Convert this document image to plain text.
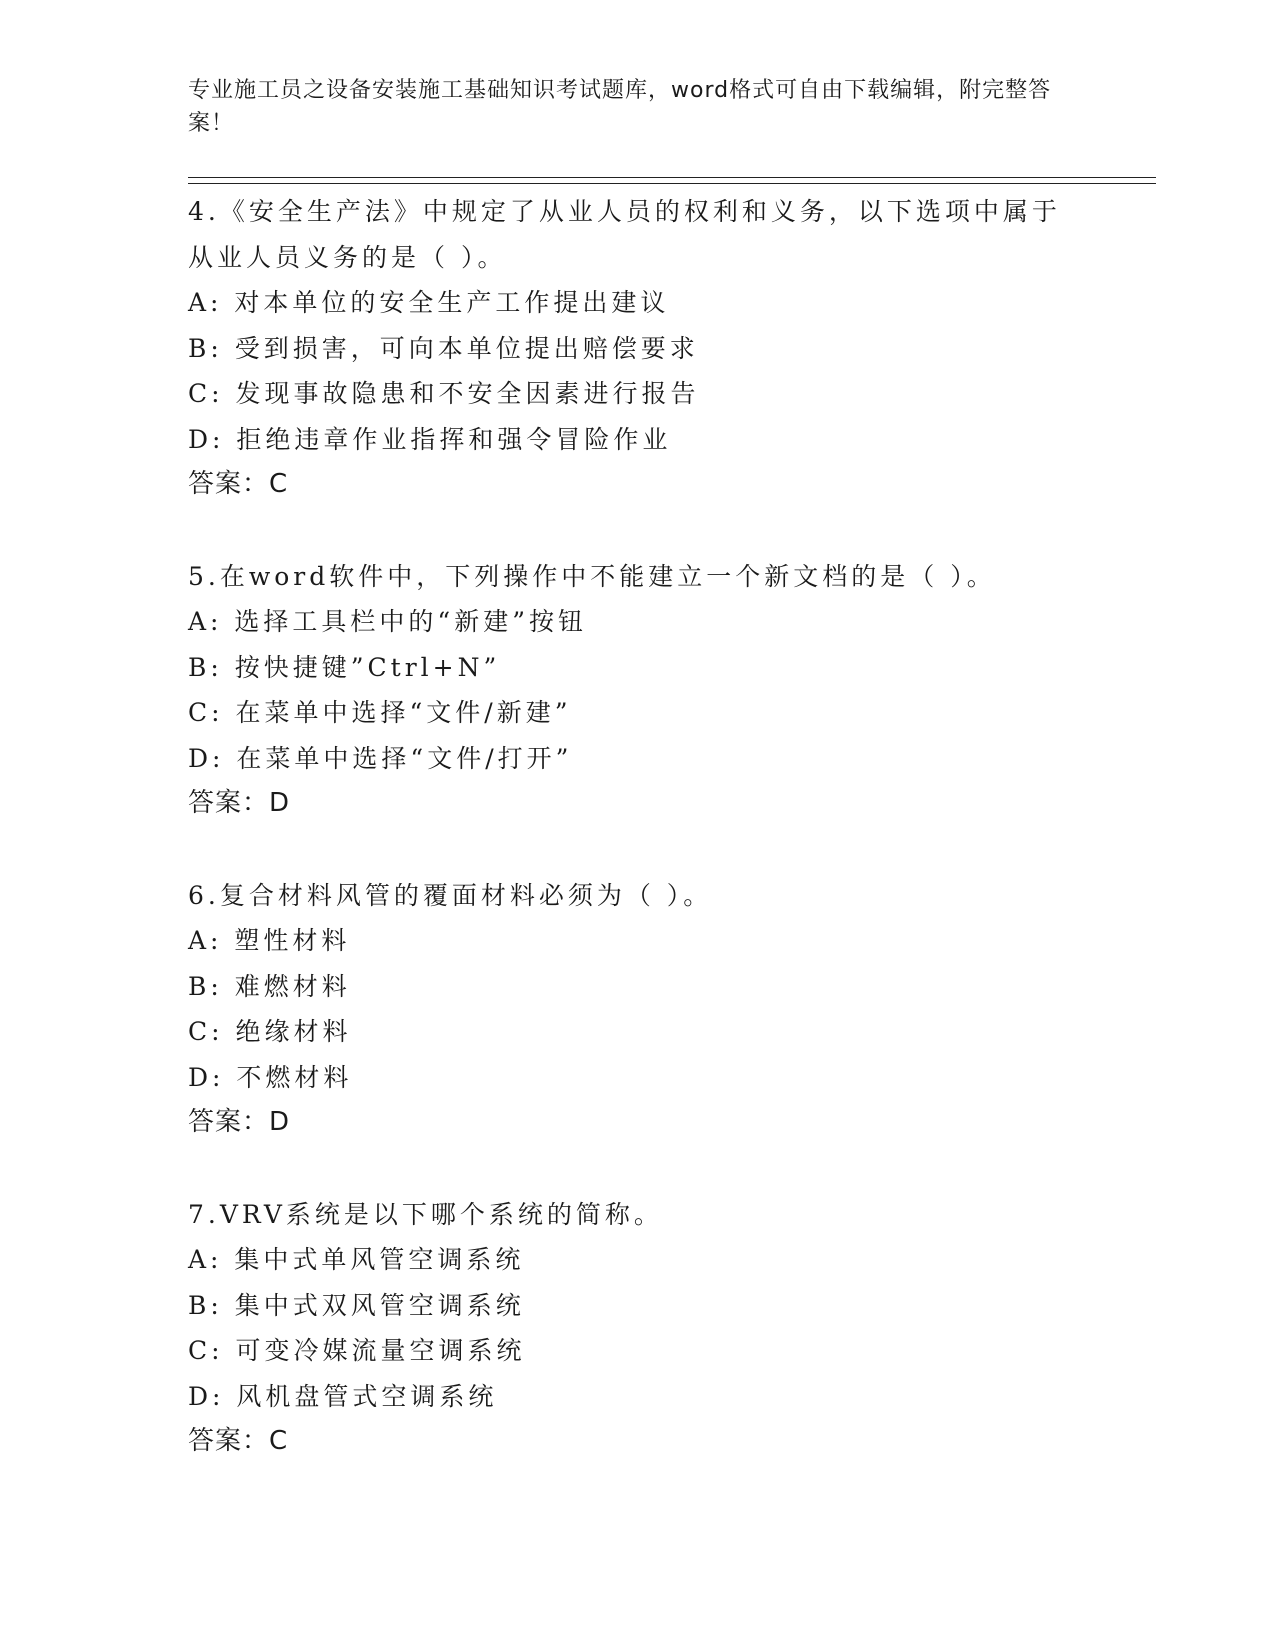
专业施工员之设备安装施工基础知识考试题库，word格式可自由下载编辑，附完整答案！
4.《安全生产法》中规定了从业人员的权利和义务，以下选项中属于
从业人员义务的是（ ）。
A: 对本单位的安全生产工作提出建议
B: 受到损害，可向本单位提出赔偿要求
C: 发现事故隐患和不安全因素进行报告
D: 拒绝违章作业指挥和强令冒险作业
答案：C
5.在word软件中，下列操作中不能建立一个新文档的是（ ）。
A: 选择工具栏中的“新建”按钮
B: 按快捷键”Ctrl+N”
C: 在菜单中选择“文件/新建”
D: 在菜单中选择“文件/打开”
答案：D
6.复合材料风管的覆面材料必须为（ ）。
A: 塑性材料
B: 难燃材料
C: 绝缘材料
D: 不燃材料
答案：D
7.VRV系统是以下哪个系统的简称。
A: 集中式单风管空调系统
B: 集中式双风管空调系统
C: 可变冷媒流量空调系统
D: 风机盘管式空调系统
答案：C
